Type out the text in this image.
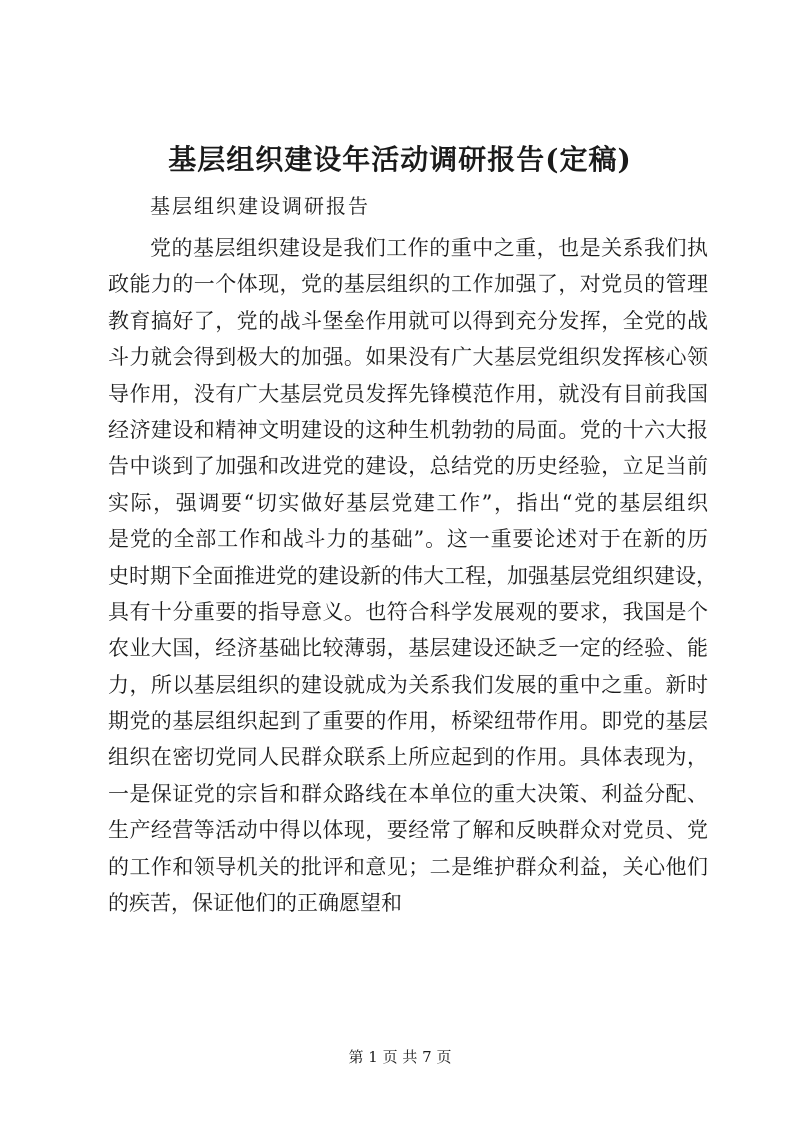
基层组织建设年活动调研报告(定稿)

基层组织建设调研报告

党的基层组织建设是我们工作的重中之重，也是关系我们执
政能力的一个体现，党的基层组织的工作加强了，对党员的管理
教育搞好了，党的战斗堡垒作用就可以得到充分发挥，全党的战
斗力就会得到极大的加强。如果没有广大基层党组织发挥核心领
导作用，没有广大基层党员发挥先锋模范作用，就没有目前我国
经济建设和精神文明建设的这种生机勃勃的局面。党的十六大报
告中谈到了加强和改进党的建设，总结党的历史经验，立足当前
实际，强调要“切实做好基层党建工作”，指出“党的基层组织
是党的全部工作和战斗力的基础”。这一重要论述对于在新的历
史时期下全面推进党的建设新的伟大工程，加强基层党组织建设，
具有十分重要的指导意义。也符合科学发展观的要求，我国是个
农业大国，经济基础比较薄弱，基层建设还缺乏一定的经验、能
力，所以基层组织的建设就成为关系我们发展的重中之重。新时
期党的基层组织起到了重要的作用，桥梁纽带作用。即党的基层
组织在密切党同人民群众联系上所应起到的作用。具体表现为，
一是保证党的宗旨和群众路线在本单位的重大决策、利益分配、
生产经营等活动中得以体现，要经常了解和反映群众对党员、党
的工作和领导机关的批评和意见；二是维护群众利益，关心他们
的疾苦，保证他们的正确愿望和

第 1 页 共 7 页
